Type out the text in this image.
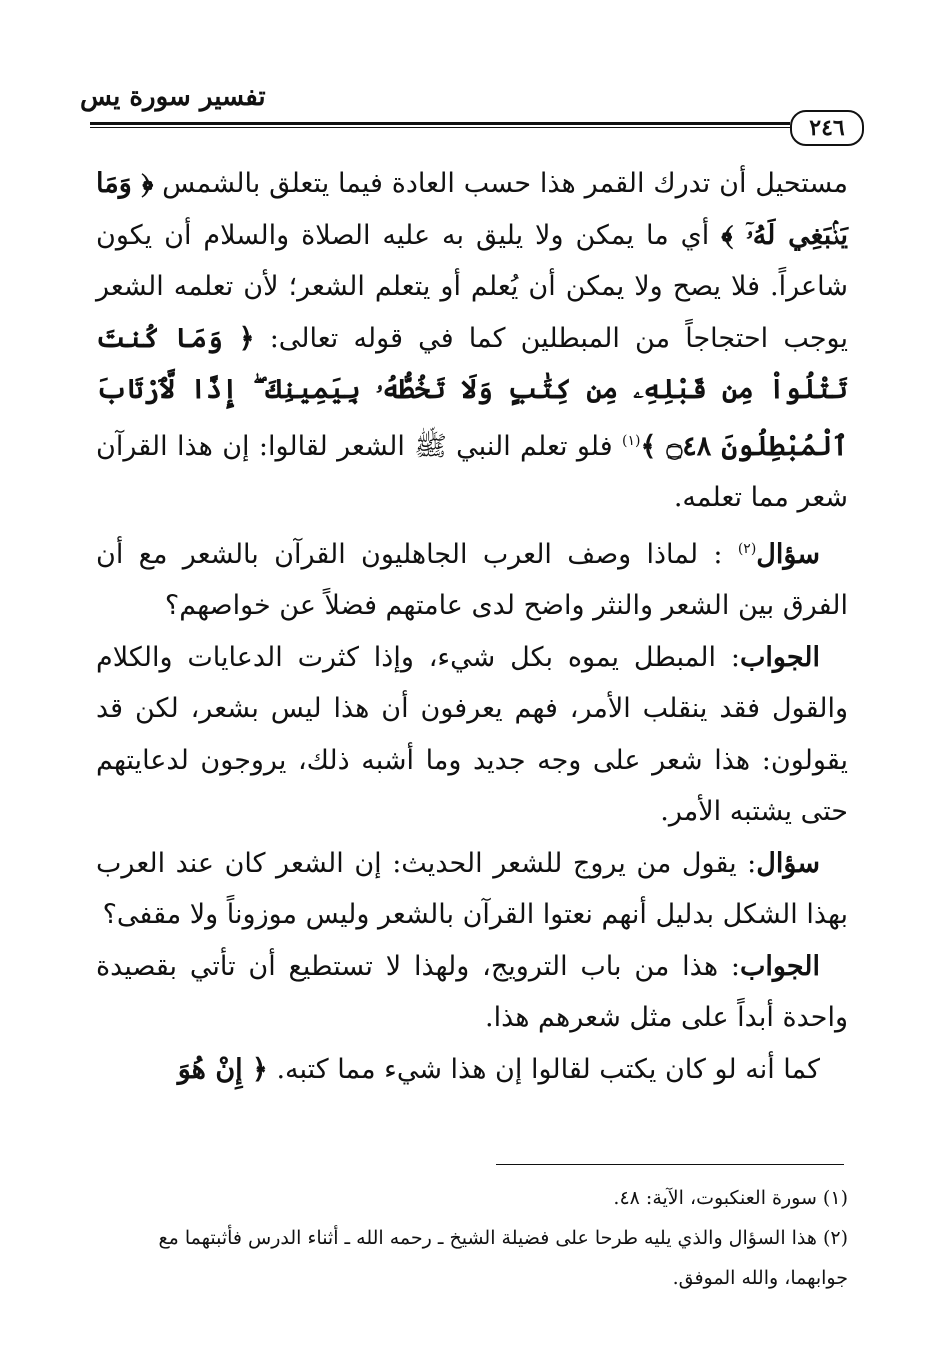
تفسير سورة يس
٢٤٦

مستحيل أن تدرك القمر هذا حسب العادة فيما يتعلق بالشمس ﴿ وَمَا يَنۢبَغِي لَهُۥٓ ﴾ أي ما يمكن ولا يليق به عليه الصلاة والسلام أن يكون شاعراً. فلا يصح ولا يمكن أن يُعلم أو يتعلم الشعر؛ لأن تعلمه الشعر يوجب احتجاجاً من المبطلين كما في قوله تعالى: ﴿ وَمَا كُنتَ تَتْلُواْ مِن قَبْلِهِۦ مِن كِتَٰبٍ وَلَا تَخُطُّهُۥ بِيَمِينِكَ ۖ إِذًا لَّٱرْتَابَ ٱلْمُبْطِلُونَ ۝٤٨ ﴾$^{(١)}$ فلو تعلم النبي ﷺ الشعر لقالوا: إن هذا القرآن شعر مما تعلمه.

سؤال$^{(٢)}$ : لماذا وصف العرب الجاهليون القرآن بالشعر مع أن الفرق بين الشعر والنثر واضح لدى عامتهم فضلاً عن خواصهم؟

الجواب: المبطل يموه بكل شيء، وإذا كثرت الدعايات والكلام والقول فقد ينقلب الأمر، فهم يعرفون أن هذا ليس بشعر، لكن قد يقولون: هذا شعر على وجه جديد وما أشبه ذلك، يروجون لدعايتهم حتى يشتبه الأمر.

سؤال: يقول من يروج للشعر الحديث: إن الشعر كان عند العرب بهذا الشكل بدليل أنهم نعتوا القرآن بالشعر وليس موزوناً ولا مقفى؟

الجواب: هذا من باب الترويج، ولهذا لا تستطيع أن تأتي بقصيدة واحدة أبداً على مثل شعرهم هذا.

كما أنه لو كان يكتب لقالوا إن هذا شيء مما كتبه. ﴿ إِنْ هُوَ

(١) سورة العنكبوت، الآية: ٤٨.

(٢) هذا السؤال والذي يليه طرحا على فضيلة الشيخ ـ رحمه الله ـ أثناء الدرس فأثبتهما مع جوابهما، والله الموفق.
